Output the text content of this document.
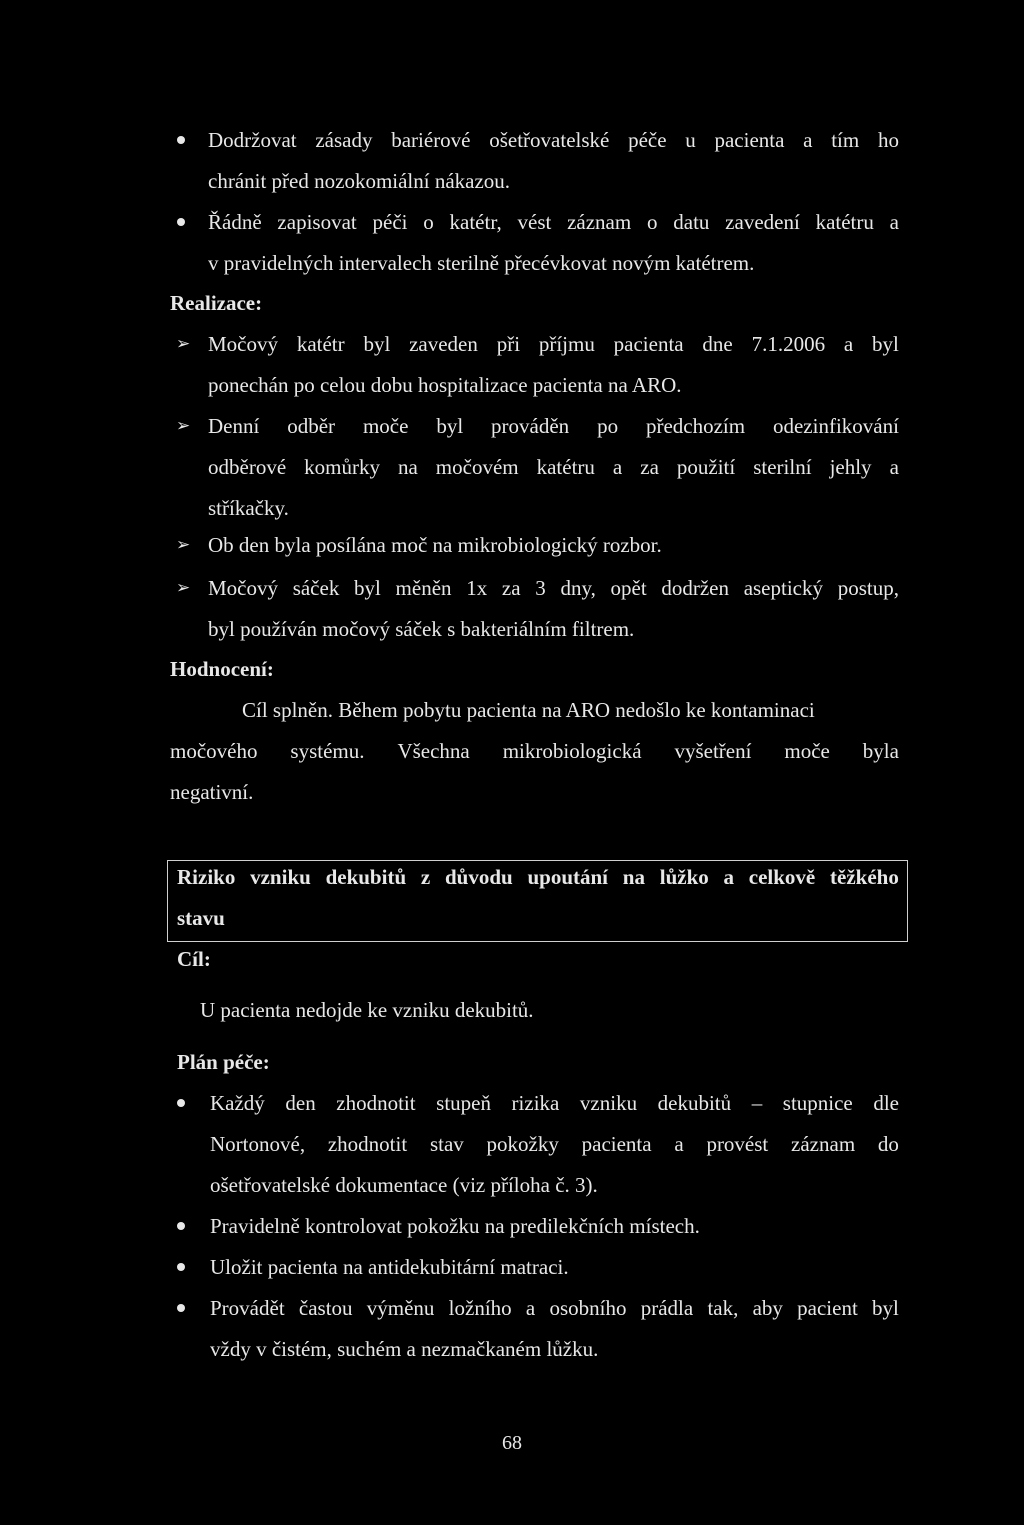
Dodržovat zásady bariérové ošetřovatelské péče u pacienta a tím ho
chránit před nozokomiální nákazou.
Řádně zapisovat péči o katétr, vést záznam o datu zavedení katétru a
v pravidelných intervalech sterilně přecévkovat novým katétrem.
Realizace:
➢ Močový katétr byl zaveden při příjmu pacienta dne 7.1.2006 a byl
ponechán po celou dobu hospitalizace pacienta na ARO.
➢ Denní odběr moče byl prováděn po předchozím odezinfikování
odběrové komůrky na močovém katétru a za použití sterilní jehly a
stříkačky.
➢ Ob den byla posílána moč na mikrobiologický rozbor.
➢ Močový sáček byl měněn 1x za 3 dny, opět dodržen aseptický postup,
byl používán močový sáček s bakteriálním filtrem.
Hodnocení:
Cíl splněn. Během pobytu pacienta na ARO nedošlo ke kontaminaci
močového systému. Všechna mikrobiologická vyšetření moče byla
negativní.
Riziko vzniku dekubitů z důvodu upoutání na lůžko a celkově těžkého
stavu
Cíl:
U pacienta nedojde ke vzniku dekubitů.
Plán péče:
Každý den zhodnotit stupeň rizika vzniku dekubitů – stupnice dle
Nortonové, zhodnotit stav pokožky pacienta a provést záznam do
ošetřovatelské dokumentace (viz příloha č. 3).
Pravidelně kontrolovat pokožku na predilekčních místech.
Uložit pacienta na antidekubitární matraci.
Provádět častou výměnu ložního a osobního prádla tak, aby pacient byl
vždy v čistém, suchém a nezmačkaném lůžku.
68
